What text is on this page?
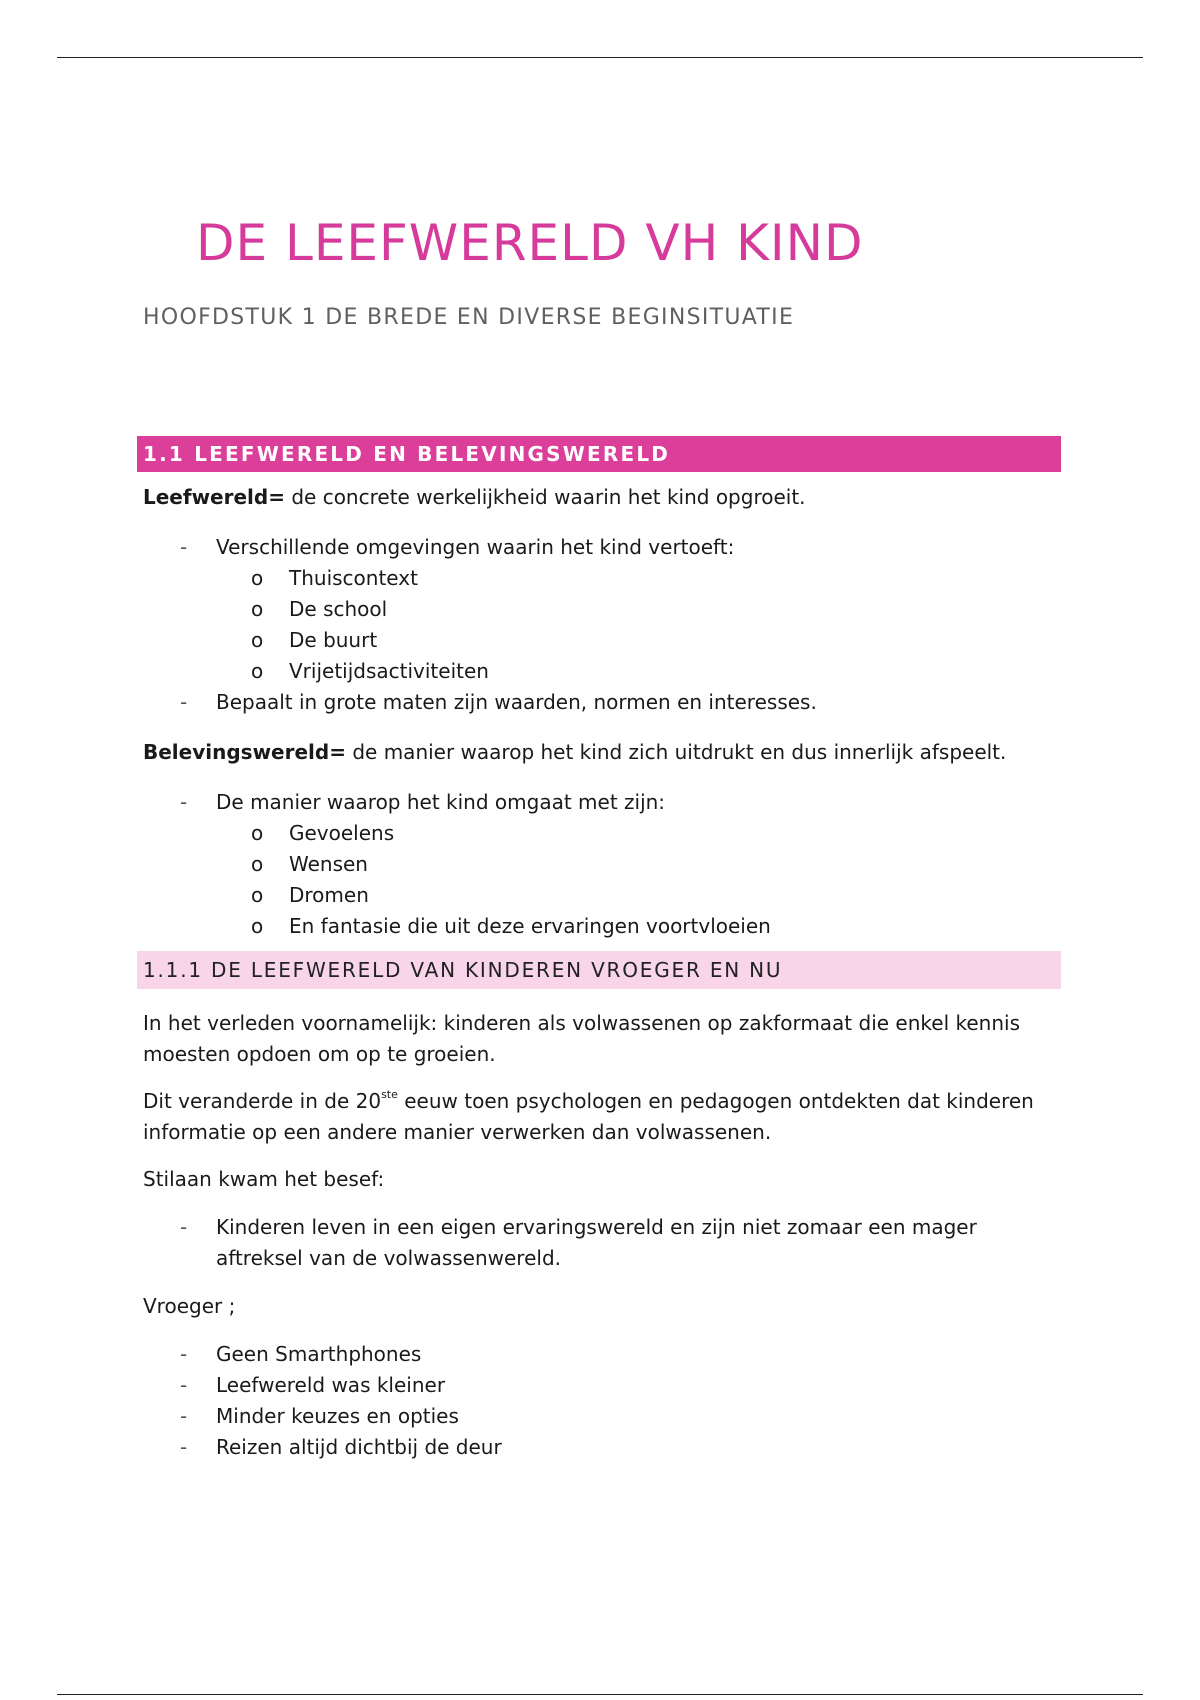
DE LEEFWERELD VH KIND
HOOFDSTUK 1 DE BREDE EN DIVERSE BEGINSITUATIE
1.1 LEEFWERELD EN BELEVINGSWERELD

Leefwereld= de concrete werkelijkheid waarin het kind opgroeit.

- Verschillende omgevingen waarin het kind vertoeft:
o Thuiscontext
o De school
o De buurt
o Vrijetijdsactiviteiten
- Bepaalt in grote maten zijn waarden, normen en interesses.

Belevingswereld= de manier waarop het kind zich uitdrukt en dus innerlijk afspeelt.

- De manier waarop het kind omgaat met zijn:
o Gevoelens
o Wensen
o Dromen
o En fantasie die uit deze ervaringen voortvloeien
1.1.1 DE LEEFWERELD VAN KINDEREN VROEGER EN NU

In het verleden voornamelijk: kinderen als volwassenen op zakformaat die enkel kennis moesten opdoen om op te groeien.

Dit veranderde in de 20ste eeuw toen psychologen en pedagogen ontdekten dat kinderen informatie op een andere manier verwerken dan volwassenen.

Stilaan kwam het besef:

- Kinderen leven in een eigen ervaringswereld en zijn niet zomaar een mager aftreksel van de volwassenwereld.

Vroeger ;

- Geen Smarthphones
- Leefwereld was kleiner
- Minder keuzes en opties
- Reizen altijd dichtbij de deur
